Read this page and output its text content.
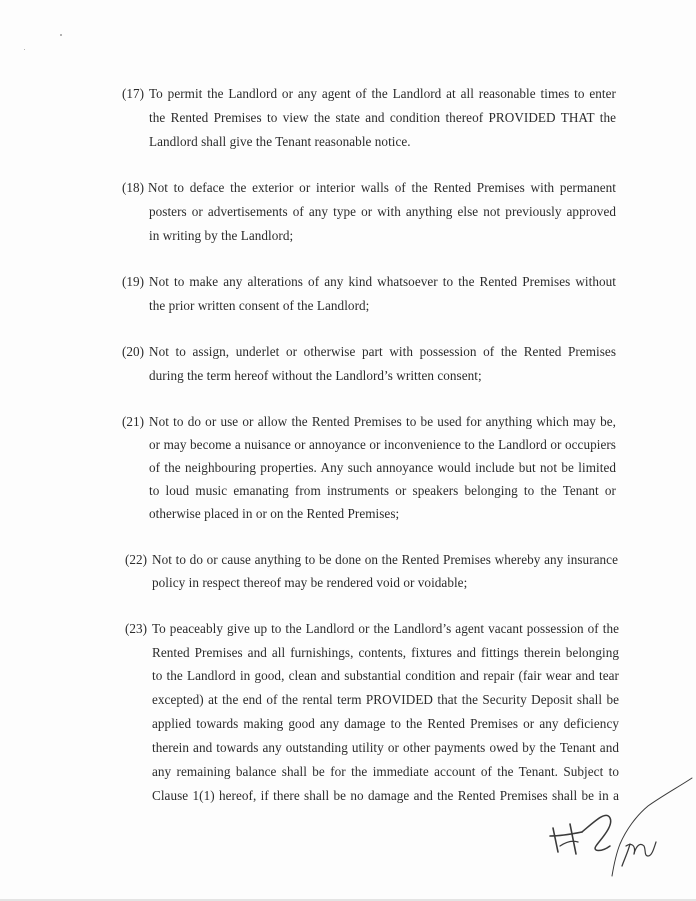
(17) To permit the Landlord or any agent of the Landlord at all reasonable times to enter
the Rented Premises to view the state and condition thereof PROVIDED THAT the
Landlord shall give the Tenant reasonable notice.
(18) Not to deface the exterior or interior walls of the Rented Premises with permanent
posters or advertisements of any type or with anything else not previously approved
in writing by the Landlord;
(19) Not to make any alterations of any kind whatsoever to the Rented Premises without
the prior written consent of the Landlord;
(20) Not to assign, underlet or otherwise part with possession of the Rented Premises
during the term hereof without the Landlord’s written consent;
(21) Not to do or use or allow the Rented Premises to be used for anything which may be,
or may become a nuisance or annoyance or inconvenience to the Landlord or occupiers
of the neighbouring properties. Any such annoyance would include but not be limited
to loud music emanating from instruments or speakers belonging to the Tenant or
otherwise placed in or on the Rented Premises;
(22) Not to do or cause anything to be done on the Rented Premises whereby any insurance
policy in respect thereof may be rendered void or voidable;
(23) To peaceably give up to the Landlord or the Landlord’s agent vacant possession of the
Rented Premises and all furnishings, contents, fixtures and fittings therein belonging
to the Landlord in good, clean and substantial condition and repair (fair wear and tear
excepted) at the end of the rental term PROVIDED that the Security Deposit shall be
applied towards making good any damage to the Rented Premises or any deficiency
therein and towards any outstanding utility or other payments owed by the Tenant and
any remaining balance shall be for the immediate account of the Tenant. Subject to
Clause 1(1) hereof, if there shall be no damage and the Rented Premises shall be in a
